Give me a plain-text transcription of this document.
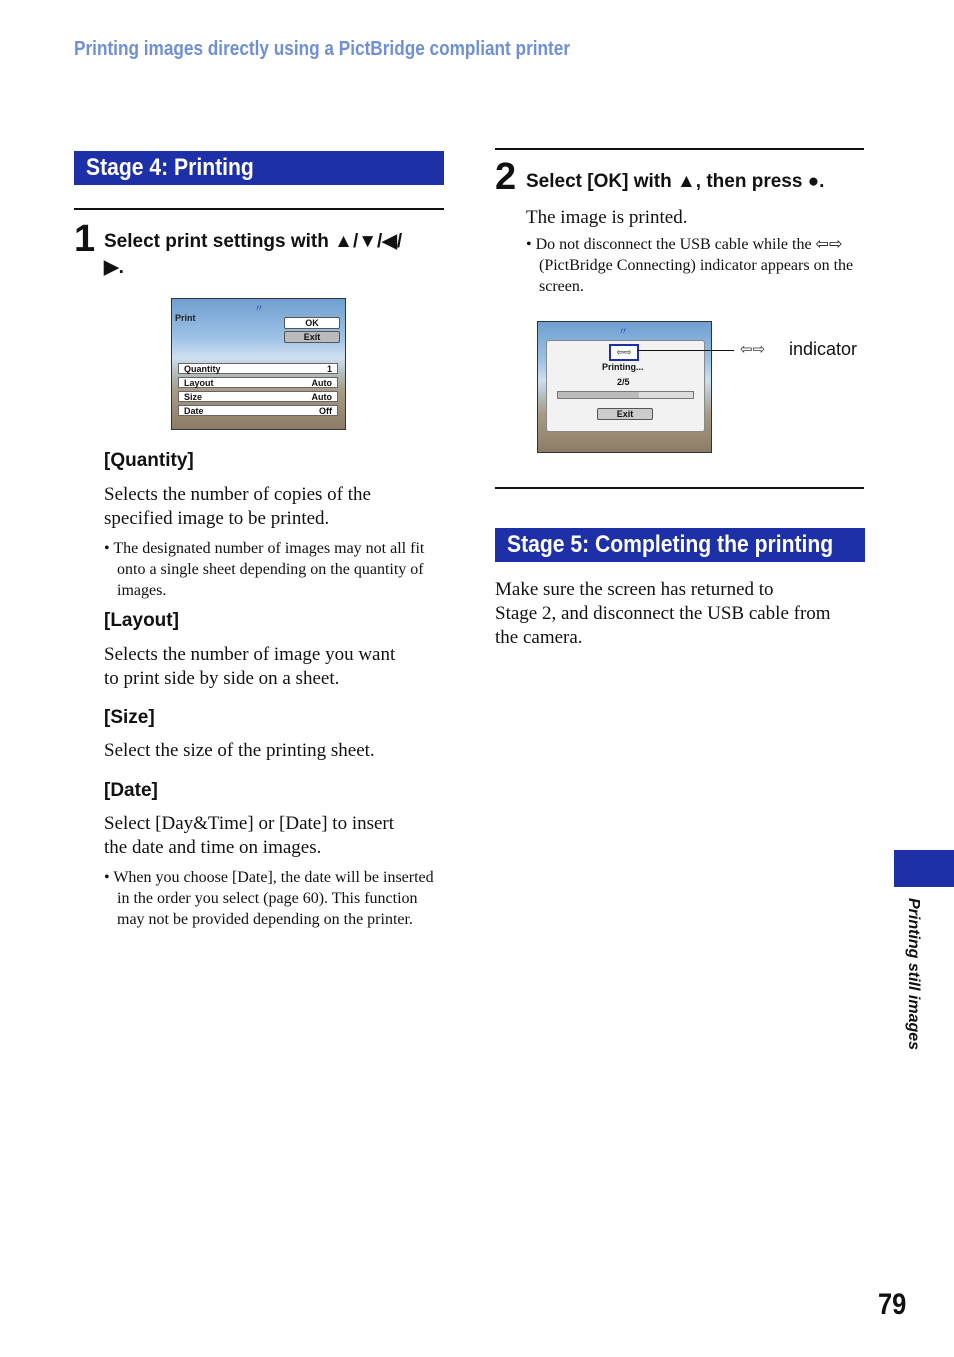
Printing images directly using a PictBridge compliant printer
Stage 4: Printing
1 Select print settings with ▲/▼/◀/
▶.
Print
〃
OK
Exit
Quantity	1
Layout	Auto
Size	Auto
Date	Off
[Quantity]
Selects the number of copies of the
specified image to be printed.
• The designated number of images may not all fit onto a single sheet depending on the quantity of images.
[Layout]
Selects the number of image you want
to print side by side on a sheet.
[Size]
Select the size of the printing sheet.
[Date]
Select [Day&Time] or [Date] to insert
the date and time on images.
• When you choose [Date], the date will be inserted in the order you select (page 60). This function may not be provided depending on the printer.
2 Select [OK] with ▲, then press ●.
The image is printed.
• Do not disconnect the USB cable while the ⇦⇨ (PictBridge Connecting) indicator appears on the screen.
〃
⇦⇨
Printing...
2/5
Exit
⇦⇨ indicator
Stage 5: Completing the printing
Make sure the screen has returned to
Stage 2, and disconnect the USB cable from
the camera.
Printing still images
79
